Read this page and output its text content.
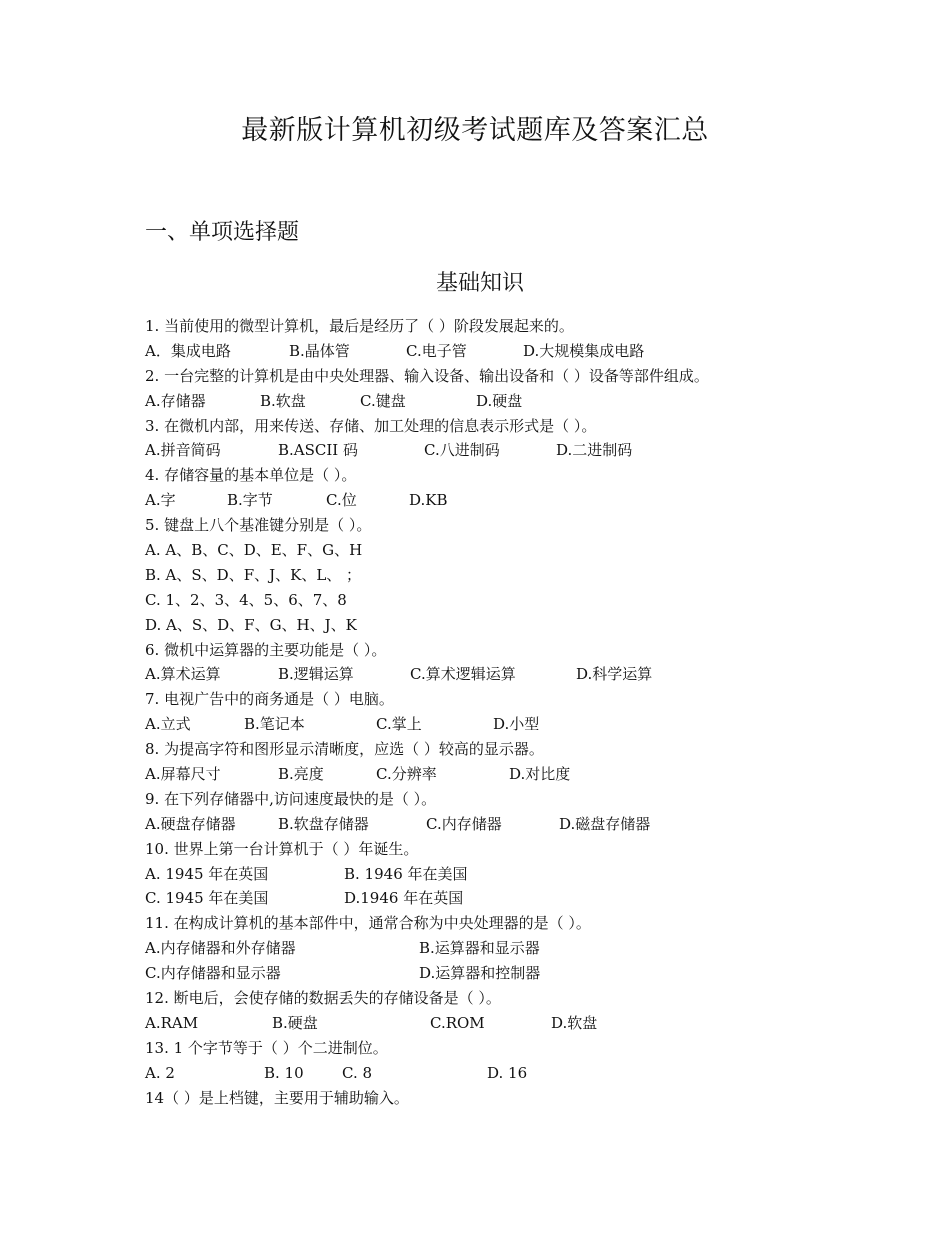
最新版计算机初级考试题库及答案汇总
一、单项选择题
基础知识
1. 当前使用的微型计算机，最后是经历了（ ）阶段发展起来的。
A．集成电路	B.晶体管	C.电子管	D.大规模集成电路
2. 一台完整的计算机是由中央处理器、输入设备、输出设备和（ ）设备等部件组成。
A.存储器	B.软盘	C.键盘	D.硬盘
3. 在微机内部，用来传送、存储、加工处理的信息表示形式是（ ）。
A.拼音简码	B.ASCII 码	C.八进制码	D.二进制码
4. 存储容量的基本单位是（ ）。
A.字	B.字节	C.位	D.KB
5. 键盘上八个基准键分别是（ ）。
A. A、B、C、D、E、F、G、H
B. A、S、D、F、J、K、L、 ；
C. 1、2、3、4、5、6、7、8
D. A、S、D、F、G、H、J、K
6. 微机中运算器的主要功能是（ ）。
A.算术运算	B.逻辑运算	C.算术逻辑运算	D.科学运算
7. 电视广告中的商务通是（ ）电脑。
A.立式	B.笔记本	C.掌上	D.小型
8. 为提高字符和图形显示清晰度，应选（ ）较高的显示器。
A.屏幕尺寸	B.亮度	C.分辨率	D.对比度
9. 在下列存储器中,访问速度最快的是（ ）。
A.硬盘存储器	B.软盘存储器	C.内存储器	D.磁盘存储器
10. 世界上第一台计算机于（ ）年诞生。
A. 1945 年在英国	B. 1946 年在美国
C. 1945 年在美国	D.1946 年在英国
11. 在构成计算机的基本部件中，通常合称为中央处理器的是（ ）。
A.内存储器和外存储器	B.运算器和显示器
C.内存储器和显示器	D.运算器和控制器
12. 断电后，会使存储的数据丢失的存储设备是（ ）。
A.RAM	B.硬盘	C.ROM	D.软盘
13. 1 个字节等于（ ）个二进制位。
A. 2	B. 10	C. 8	D. 16
14（ ）是上档键，主要用于辅助输入。
